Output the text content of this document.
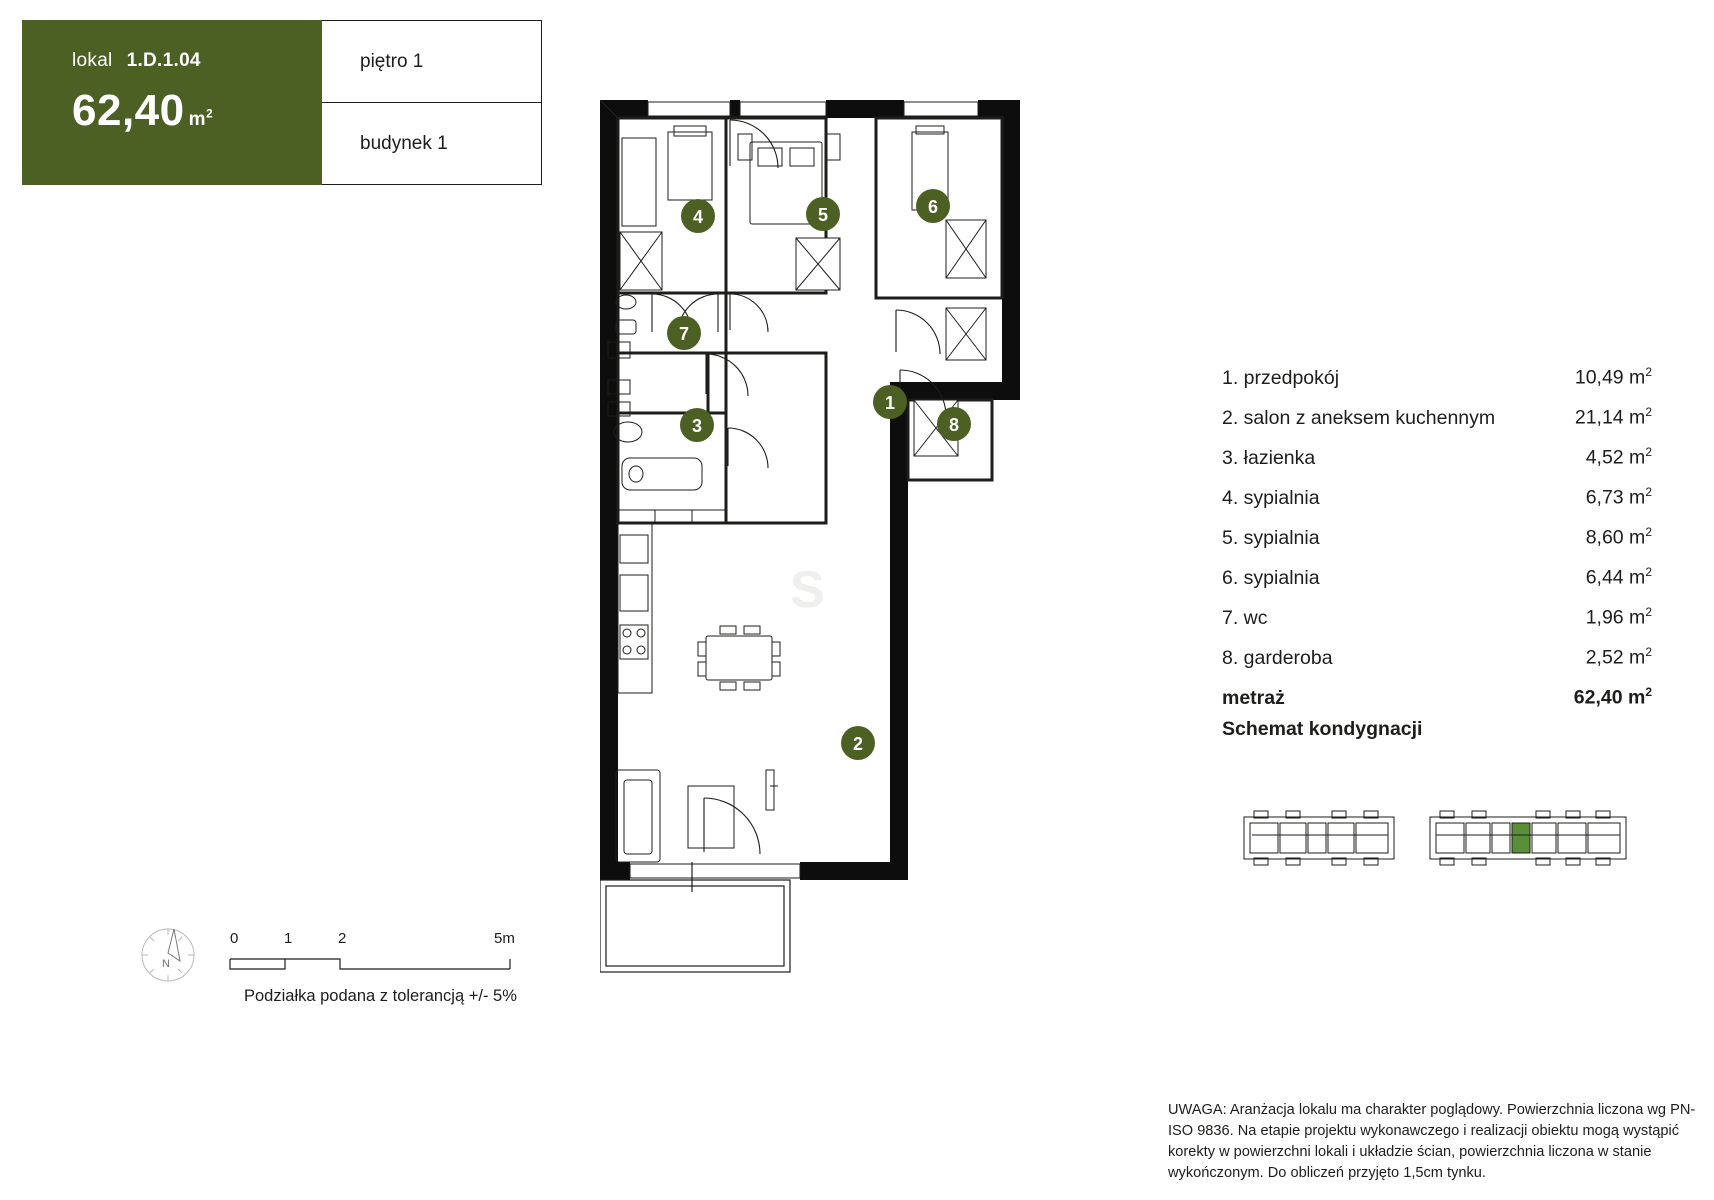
lokal 1.D.1.04
62,40 $m^2$
piętro 1
budynek 1
S
1
2
3
4	5	6
7
8
1. przedpokój	10,49 $m^2$
2. salon z aneksem kuchennym	21,14 $m^2$
3. łazienka	4,52 $m^2$
4. sypialnia	6,73 $m^2$
5. sypialnia	8,60 $m^2$
6. sypialnia	6,44 $m^2$
7. wc	1,96 $m^2$
8. garderoba	2,52 $m^2$
metraż	62,40 $m^2$
Schemat kondygnacji
N
0	1	2	5m
Podziałka podana z tolerancją +/- 5%
UWAGA: Aranżacja lokalu ma charakter poglądowy. Powierzchnia liczona wg PN-ISO 9836. Na etapie projektu wykonawczego i realizacji obiektu mogą wystąpić korekty w powierzchni lokali i układzie ścian, powierzchnia liczona w stanie wykończonym. Do obliczeń przyjęto 1,5cm tynku.
